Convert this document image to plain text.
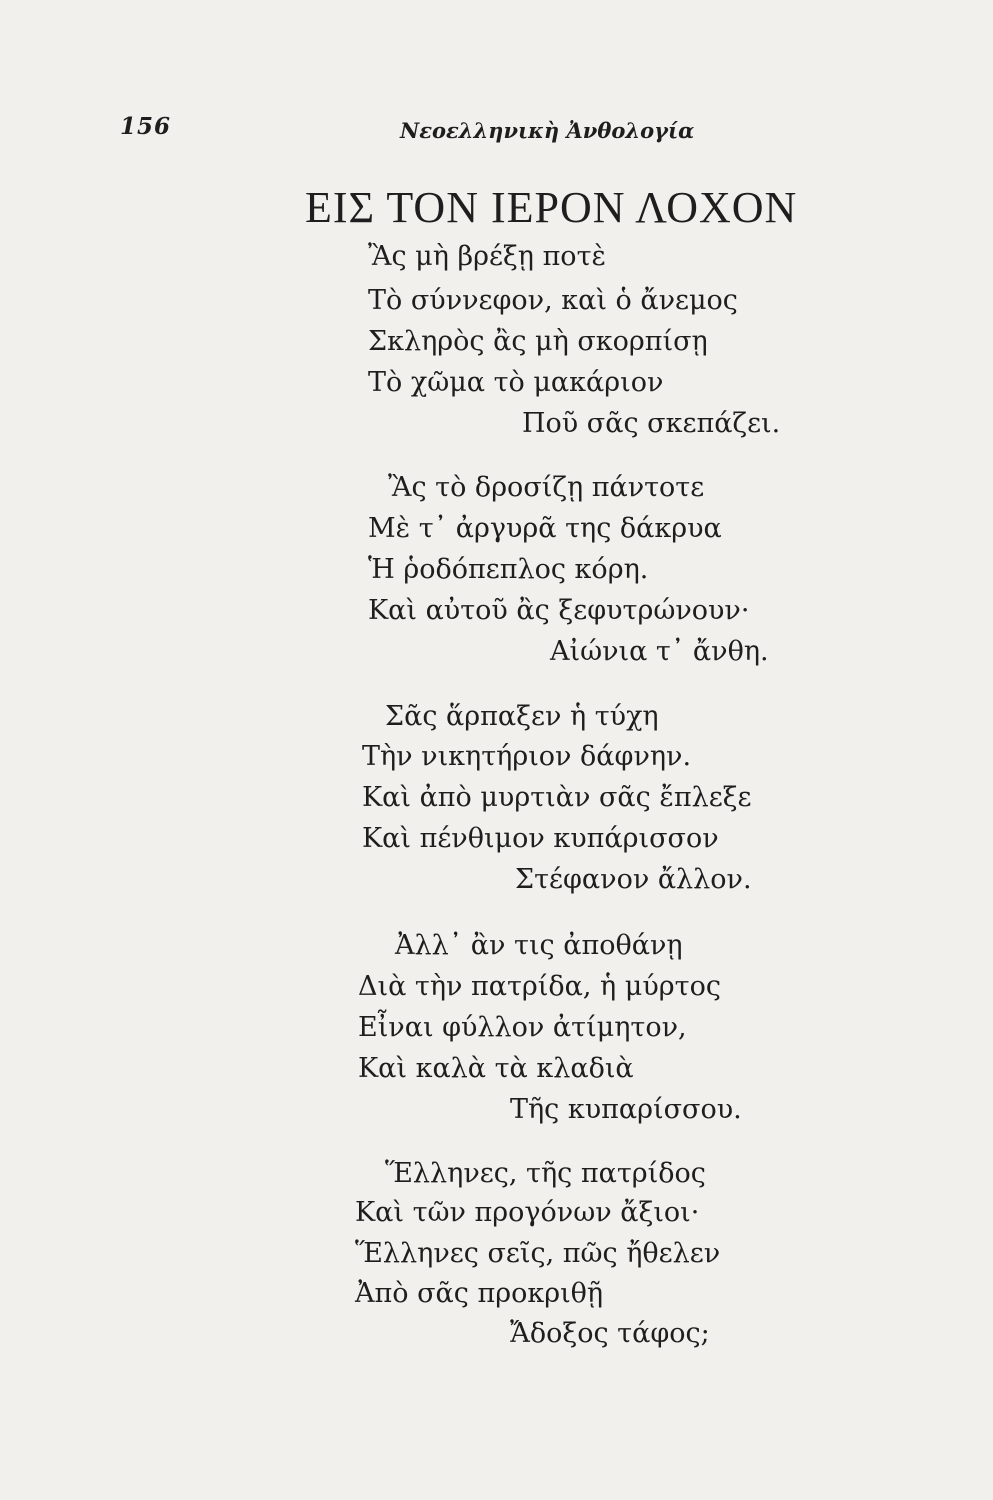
156	Νεοελληνικὴ Ἀνθολογία
ΕΙΣ ΤΟΝ ΙΕΡΟΝ ΛΟΧΟΝ
Ἂς μὴ βρέξῃ ποτὲ
Τὸ σύννεφον, καὶ ὁ ἄνεμος
Σκληρὸς ἂς μὴ σκορπίσῃ
Τὸ χῶμα τὸ μακάριον
Ποῦ σᾶς σκεπάζει.
Ἂς τὸ δροσίζῃ πάντοτε
Μὲ τ᾽ ἀργυρᾶ της δάκρυα
Ἡ ῥοδόπεπλος κόρη.
Καὶ αὐτοῦ ἂς ξεφυτρώνουν·
Αἰώνια τ᾽ ἄνθη.
Σᾶς ἅρπαξεν ἡ τύχη
Τὴν νικητήριον δάφνην.
Καὶ ἀπὸ μυρτιὰν σᾶς ἔπλεξε
Καὶ πένθιμον κυπάρισσον
Στέφανον ἄλλον.
Ἀλλ᾽ ἂν τις ἀποθάνῃ
Διὰ τὴν πατρίδα, ἡ μύρτος
Εἶναι φύλλον ἀτίμητον,
Καὶ καλὰ τὰ κλαδιὰ
Τῆς κυπαρίσσου.
Ἕλληνες, τῆς πατρίδος
Καὶ τῶν προγόνων ἄξιοι·
Ἕλληνες σεῖς, πῶς ἤθελεν
Ἀπὸ σᾶς προκριθῇ
Ἄδοξος τάφος;
